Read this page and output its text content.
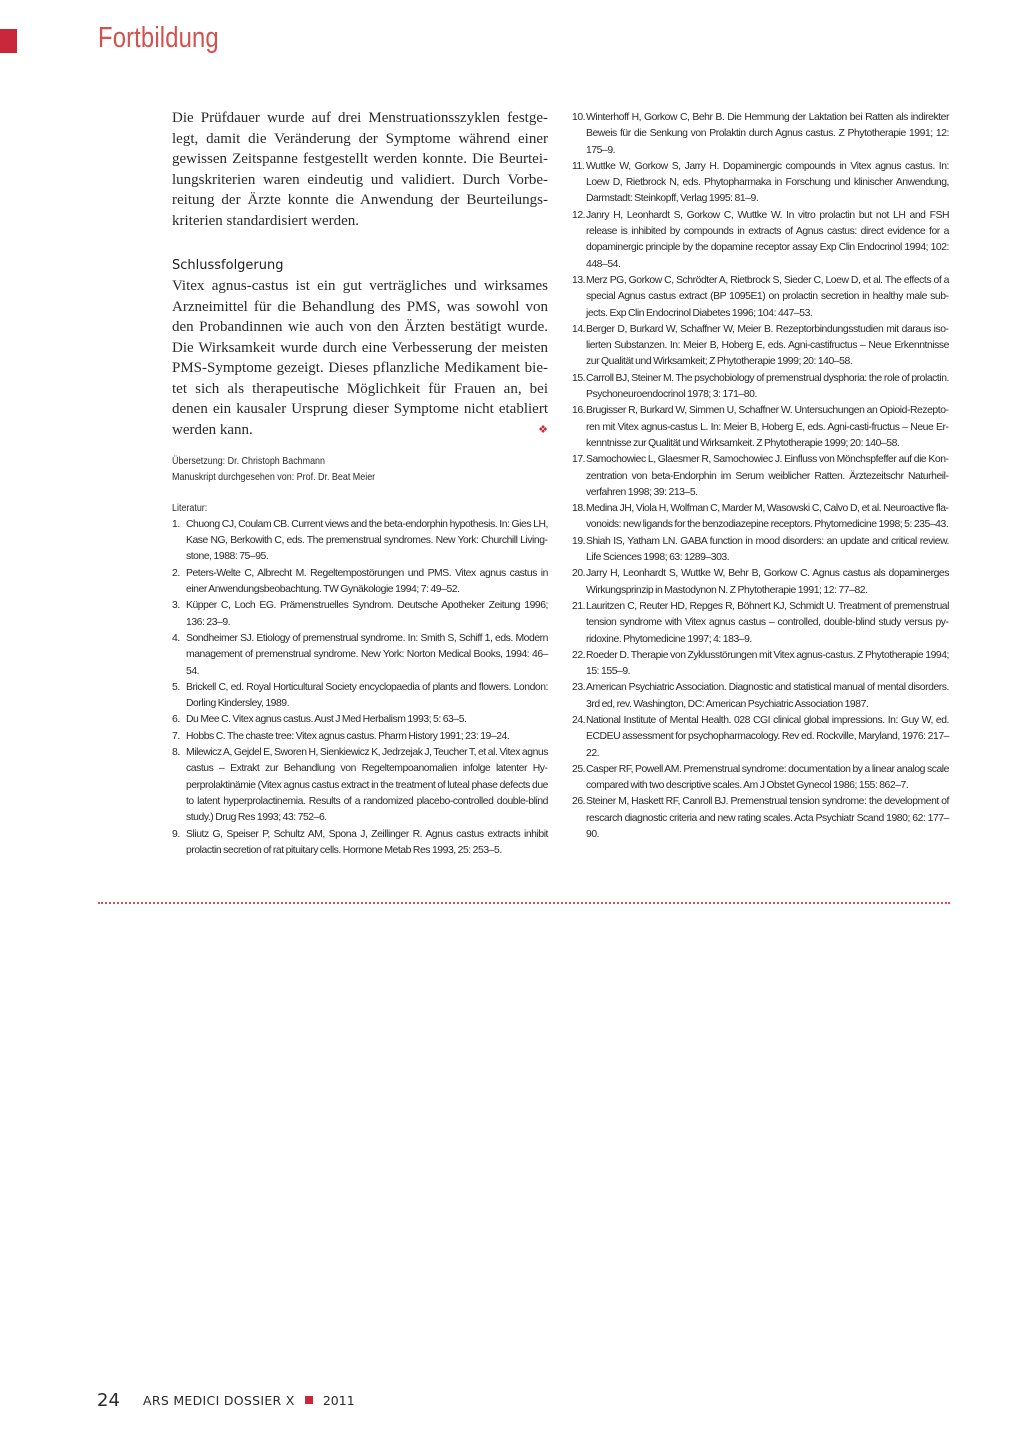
Fortbildung

Die Prüfdauer wurde auf drei Menstruationsszyklen festgelegt, damit die Veränderung der Symptome während einer gewissen Zeitspanne festgestellt werden konnte. Die Beurteilungskriterien waren eindeutig und validiert. Durch Vorbereitung der Ärzte konnte die Anwendung der Beurteilungskriterien standardisiert werden.

Schlussfolgerung

Vitex agnus-castus ist ein gut verträgliches und wirksames Arzneimittel für die Behandlung des PMS, was sowohl von den Probandinnen wie auch von den Ärzten bestätigt wurde. Die Wirksamkeit wurde durch eine Verbesserung der meisten PMS-Symptome gezeigt. Dieses pflanzliche Medikament bietet sich als therapeutische Möglichkeit für Frauen an, bei denen ein kausaler Ursprung dieser Symptome nicht etabliert werden kann.	❖

Übersetzung: Dr. Christoph Bachmann
Manuskript durchgesehen von: Prof. Dr. Beat Meier
Literatur:
1. Chuong CJ, Coulam CB. Current views and the beta-endorphin hypothesis. In: Gies LH, Kase NG, Berkowith C, eds. The premenstrual syndromes. New York: Churchill Livingstone, 1988: 75–95.
2. Peters-Welte C, Albrecht M. Regeltempostörungen und PMS. Vitex agnus castus in einer Anwendungsbeobachtung. TW Gynäkologie 1994; 7: 49–52.
3. Küpper C, Loch EG. Prämenstruelles Syndrom. Deutsche Apotheker Zeitung 1996; 136: 23–9.
4. Sondheimer SJ. Etiology of premenstrual syndrome. In: Smith S, Schiff 1, eds. Modern management of premenstrual syndrome. New York: Norton Medical Books, 1994: 46–54.
5. Brickell C, ed. Royal Horticultural Society encyclopaedia of plants and flowers. London: Dorling Kindersley, 1989.
6. Du Mee C. Vitex agnus castus. Aust J Med Herbalism 1993; 5: 63–5.
7. Hobbs C. The chaste tree: Vitex agnus castus. Pharm History 1991; 23: 19–24.
8. Milewicz A, Gejdel E, Sworen H, Sienkiewicz K, Jedrzejak J, Teucher T, et al. Vitex agnus castus – Extrakt zur Behandlung von Regeltempoanomalien infolge latenter Hyperprolaktinämie (Vitex agnus castus extract in the treatment of luteal phase defects due to latent hyperprolactinemia. Results of a randomized placebo-controlled double-blind study.) Drug Res 1993; 43: 752–6.
9. Sliutz G, Speiser P, Schultz AM, Spona J, Zeillinger R. Agnus castus extracts inhibit prolactin secretion of rat pituitary cells. Hormone Metab Res 1993, 25: 253–5.
10. Winterhoff H, Gorkow C, Behr B. Die Hemmung der Laktation bei Ratten als indirekter Beweis für die Senkung von Prolaktin durch Agnus castus. Z Phytotherapie 1991; 12: 175–9.
11. Wuttke W, Gorkow S, Jarry H. Dopaminergic compounds in Vitex agnus castus. In: Loew D, Rietbrock N, eds. Phytopharmaka in Forschung und klinischer Anwendung, Darmstadt: Steinkopff, Verlag 1995: 81–9.
12. Janry H, Leonhardt S, Gorkow C, Wuttke W. In vitro prolactin but not LH and FSH release is inhibited by compounds in extracts of Agnus castus: direct evidence for a dopaminergic principle by the dopamine receptor assay Exp Clin Endocrinol 1994; 102: 448–54.
13. Merz PG, Gorkow C, Schrödter A, Rietbrock S, Sieder C, Loew D, et al. The effects of a special Agnus castus extract (BP 1095E1) on prolactin secretion in healthy male subjects. Exp Clin Endocrinol Diabetes 1996; 104: 447–53.
14. Berger D, Burkard W, Schaffner W, Meier B. Rezeptorbindungsstudien mit daraus isolierten Substanzen. In: Meier B, Hoberg E, eds. Agni-castifructus – Neue Erkenntnisse zur Qualität und Wirksamkeit; Z Phytotherapie 1999; 20: 140–58.
15. Carroll BJ, Steiner M. The psychobiology of premenstrual dysphoria: the role of prolactin. Psychoneuroendocrinol 1978; 3: 171–80.
16. Brugisser R, Burkard W, Simmen U, Schaffner W. Untersuchungen an Opioid-Rezeptoren mit Vitex agnus-castus L. In: Meier B, Hoberg E, eds. Agni-casti-fructus – Neue Erkenntnisse zur Qualität und Wirksamkeit. Z Phytotherapie 1999; 20: 140–58.
17. Samochowiec L, Glaesmer R, Samochowiec J. Einfluss von Mönchspfeffer auf die Konzentration von beta-Endorphin im Serum weiblicher Ratten. Ärztezeitschr Naturheilverfahren 1998; 39: 213–5.
18. Medina JH, Viola H, Wolfman C, Marder M, Wasowski C, Calvo D, et al. Neuroactive flavonoids: new ligands for the benzodiazepine receptors. Phytomedicine 1998; 5: 235–43.
19. Shiah IS, Yatham LN. GABA function in mood disorders: an update and critical review. Life Sciences 1998; 63: 1289–303.
20. Jarry H, Leonhardt S, Wuttke W, Behr B, Gorkow C. Agnus castus als dopaminerges Wirkungsprinzip in Mastodynon N. Z Phytotherapie 1991; 12: 77–82.
21. Lauritzen C, Reuter HD, Repges R, Böhnert KJ, Schmidt U. Treatment of premenstrual tension syndrome with Vitex agnus castus – controlled, double-blind study versus pyridoxine. Phytomedicine 1997; 4: 183–9.
22. Roeder D. Therapie von Zyklusstörungen mit Vitex agnus-castus. Z Phytotherapie 1994; 15: 155–9.
23. American Psychiatric Association. Diagnostic and statistical manual of mental disorders. 3rd ed, rev. Washington, DC: American Psychiatric Association 1987.
24. National Institute of Mental Health. 028 CGI clinical global impressions. In: Guy W, ed. ECDEU assessment for psychopharmacology. Rev ed. Rockville, Maryland, 1976: 217–22.
25. Casper RF, Powell AM. Premenstrual syndrome: documentation by a linear analog scale compared with two descriptive scales. Am J Obstet Gynecol 1986; 155: 862–7.
26. Steiner M, Haskett RF, Canroll BJ. Premenstrual tension syndrome: the development of rescarch diagnostic criteria and new rating scales. Acta Psychiatr Scand 1980; 62: 177–90.
24 ARS MEDICI DOSSIER X 2011
